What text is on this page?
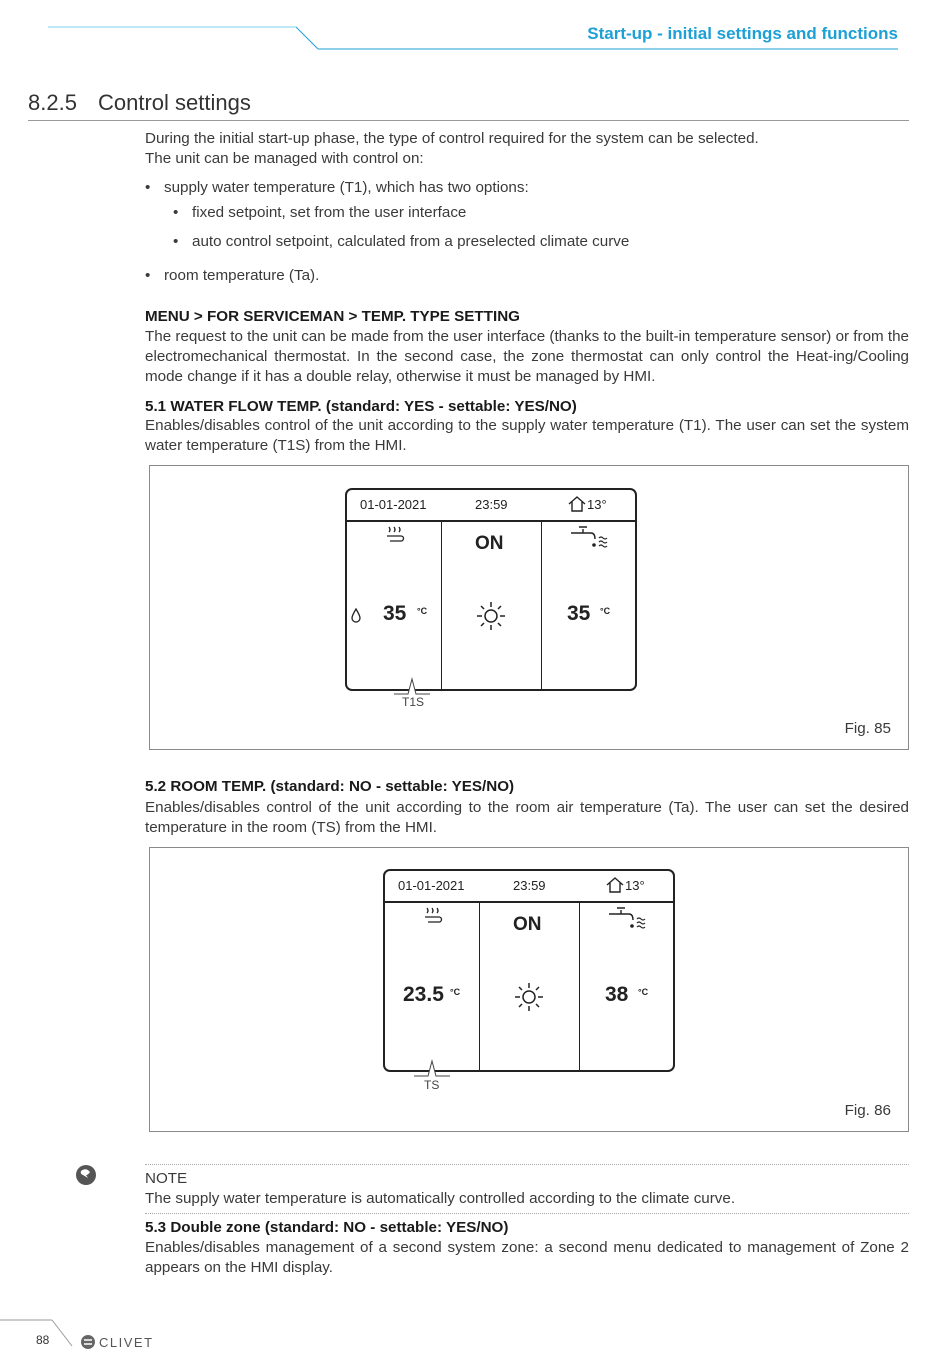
Start-up - initial settings and functions
8.2.5 Control settings
During the initial start-up phase, the type of control required for the system can be selected.
The unit can be managed with control on:
• supply water temperature (T1), which has two options:
• fixed setpoint, set from the user interface
• auto control setpoint, calculated from a preselected climate curve
• room temperature (Ta).
MENU > FOR SERVICEMAN > TEMP. TYPE SETTING
The request to the unit can be made from the user interface (thanks to the built-in temperature sensor) or from the electromechanical thermostat. In the second case, the zone thermostat can only control the Heat-ing/Cooling mode change if it has a double relay, otherwise it must be managed by HMI.
5.1 WATER FLOW TEMP. (standard: YES - settable: YES/NO)
Enables/disables control of the unit according to the supply water temperature (T1). The user can set the system water temperature (T1S) from the HMI.
01-01-2021	23:59	13°
35 °C
ON
35 °C
T1S
Fig. 85
5.2 ROOM TEMP. (standard: NO - settable: YES/NO)
Enables/disables control of the unit according to the room air temperature (Ta). The user can set the desired temperature in the room (TS) from the HMI.
01-01-2021	23:59	13°
23.5 °C
ON
38 °C
TS
Fig. 86
NOTE
The supply water temperature is automatically controlled according to the climate curve.
5.3 Double zone (standard: NO - settable: YES/NO)
Enables/disables management of a second system zone: a second menu dedicated to management of Zone 2 appears on the HMI display.
88	CLIVET
